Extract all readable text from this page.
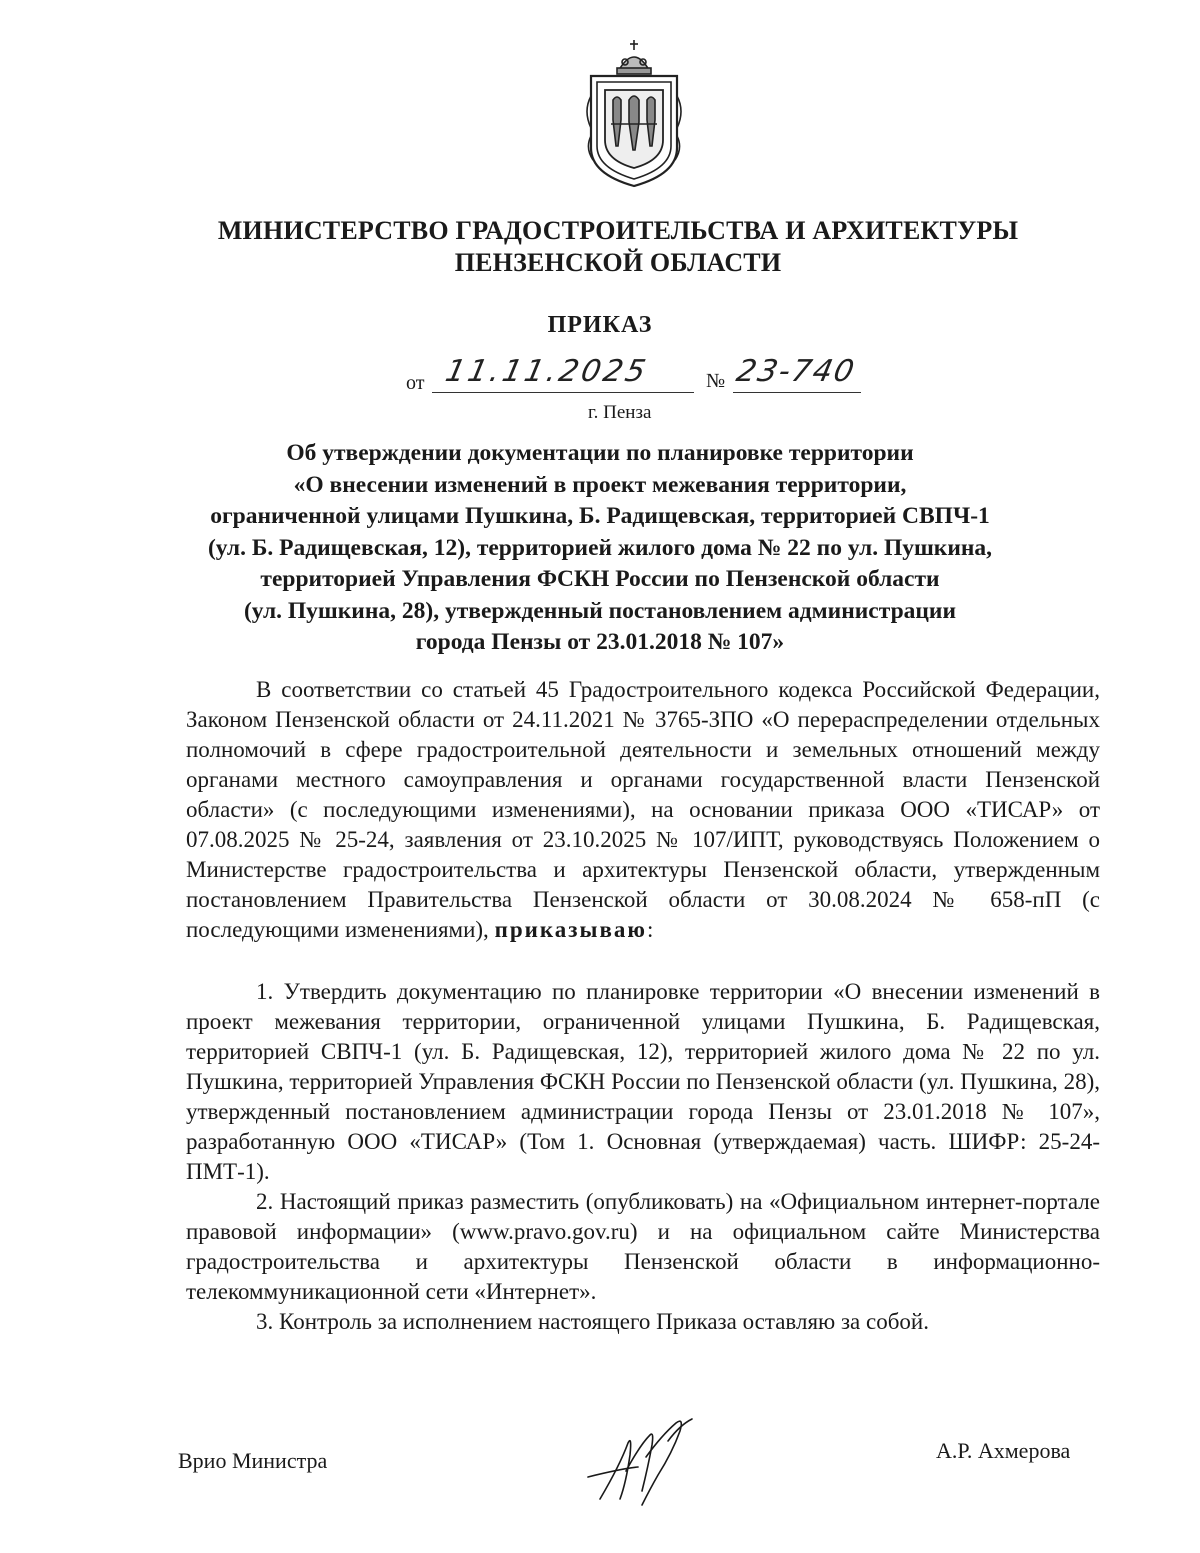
МИНИСТЕРСТВО ГРАДОСТРОИТЕЛЬСТВА И АРХИТЕКТУРЫ
ПЕНЗЕНСКОЙ ОБЛАСТИ
ПРИКАЗ
от 11.11.2025	№ 23-740
г. Пенза
Об утверждении документации по планировке территории
«О внесении изменений в проект межевания территории,
ограниченной улицами Пушкина, Б. Радищевская, территорией СВПЧ-1
(ул. Б. Радищевская, 12), территорией жилого дома № 22 по ул. Пушкина,
территорией Управления ФСКН России по Пензенской области
(ул. Пушкина, 28), утвержденный постановлением администрации
города Пензы от 23.01.2018 № 107»

В соответствии со статьей 45 Градостроительного кодекса Российской Федерации, Законом Пензенской области от 24.11.2021 № 3765-ЗПО «О перераспределении отдельных полномочий в сфере градостроительной деятельности и земельных отношений между органами местного самоуправления и органами государственной власти Пензенской области» (с последующими изменениями), на основании приказа ООО «ТИСАР» от 07.08.2025 № 25-24, заявления от 23.10.2025 № 107/ИПТ, руководствуясь Положением о Министерстве градостроительства и архитектуры Пензенской области, утвержденным постановлением Правительства Пензенской области от 30.08.2024 № 658-пП (с последующими изменениями), приказываю:

1. Утвердить документацию по планировке территории «О внесении изменений в проект межевания территории, ограниченной улицами Пушкина, Б. Радищевская, территорией СВПЧ-1 (ул. Б. Радищевская, 12), территорией жилого дома № 22 по ул. Пушкина, территорией Управления ФСКН России по Пензенской области (ул. Пушкина, 28), утвержденный постановлением администрации города Пензы от 23.01.2018 № 107», разработанную ООО «ТИСАР» (Том 1. Основная (утверждаемая) часть. ШИФР: 25-24-ПМТ-1).

2. Настоящий приказ разместить (опубликовать) на «Официальном интернет-портале правовой информации» (www.pravo.gov.ru) и на официальном сайте Министерства градостроительства и архитектуры Пензенской области в информационно-телекоммуникационной сети «Интернет».

3. Контроль за исполнением настоящего Приказа оставляю за собой.

Врио Министра	А.Р. Ахмерова
